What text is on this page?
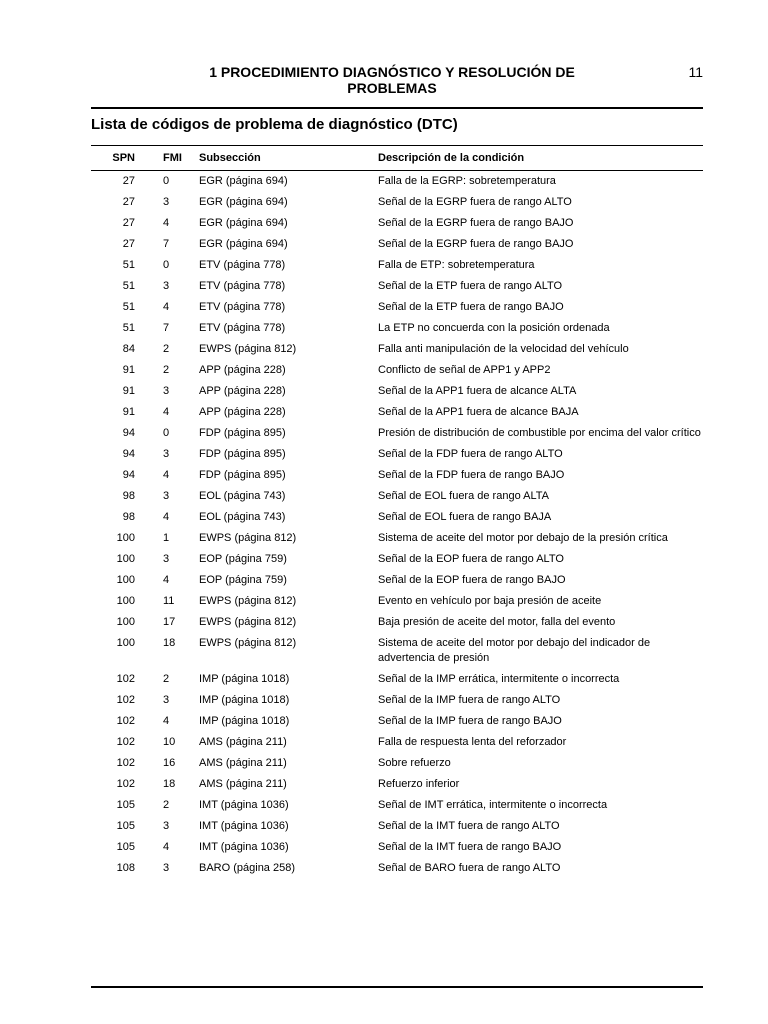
1 PROCEDIMIENTO DIAGNÓSTICO Y RESOLUCIÓN DE
PROBLEMAS
11
Lista de códigos de problema de diagnóstico (DTC)
SPN		FMI	Subsección	Descripción de la condición
27		0	EGR (página 694)	Falla de la EGRP: sobretemperatura
27		3	EGR (página 694)	Señal de la EGRP fuera de rango ALTO
27		4	EGR (página 694)	Señal de la EGRP fuera de rango BAJO
27		7	EGR (página 694)	Señal de la EGRP fuera de rango BAJO
51		0	ETV (página 778)	Falla de ETP: sobretemperatura
51		3	ETV (página 778)	Señal de la ETP fuera de rango ALTO
51		4	ETV (página 778)	Señal de la ETP fuera de rango BAJO
51		7	ETV (página 778)	La ETP no concuerda con la posición ordenada
84		2	EWPS (página 812)	Falla anti manipulación de la velocidad del vehículo
91		2	APP (página 228)	Conflicto de señal de APP1 y APP2
91		3	APP (página 228)	Señal de la APP1 fuera de alcance ALTA
91		4	APP (página 228)	Señal de la APP1 fuera de alcance BAJA
94		0	FDP (página 895)	Presión de distribución de combustible por encima del valor crítico
94		3	FDP (página 895)	Señal de la FDP fuera de rango ALTO
94		4	FDP (página 895)	Señal de la FDP fuera de rango BAJO
98		3	EOL (página 743)	Señal de EOL fuera de rango ALTA
98		4	EOL (página 743)	Señal de EOL fuera de rango BAJA
100		1	EWPS (página 812)	Sistema de aceite del motor por debajo de la presión crítica
100		3	EOP (página 759)	Señal de la EOP fuera de rango ALTO
100		4	EOP (página 759)	Señal de la EOP fuera de rango BAJO
100		11	EWPS (página 812)	Evento en vehículo por baja presión de aceite
100		17	EWPS (página 812)	Baja presión de aceite del motor, falla del evento
100		18	EWPS (página 812)	Sistema de aceite del motor por debajo del indicador de advertencia de presión
102		2	IMP (página 1018)	Señal de la IMP errática, intermitente o incorrecta
102		3	IMP (página 1018)	Señal de la IMP fuera de rango ALTO
102		4	IMP (página 1018)	Señal de la IMP fuera de rango BAJO
102		10	AMS (página 211)	Falla de respuesta lenta del reforzador
102		16	AMS (página 211)	Sobre refuerzo
102		18	AMS (página 211)	Refuerzo inferior
105		2	IMT (página 1036)	Señal de IMT errática, intermitente o incorrecta
105		3	IMT (página 1036)	Señal de la IMT fuera de rango ALTO
105		4	IMT (página 1036)	Señal de la IMT fuera de rango BAJO
108		3	BARO (página 258)	Señal de BARO fuera de rango ALTO
